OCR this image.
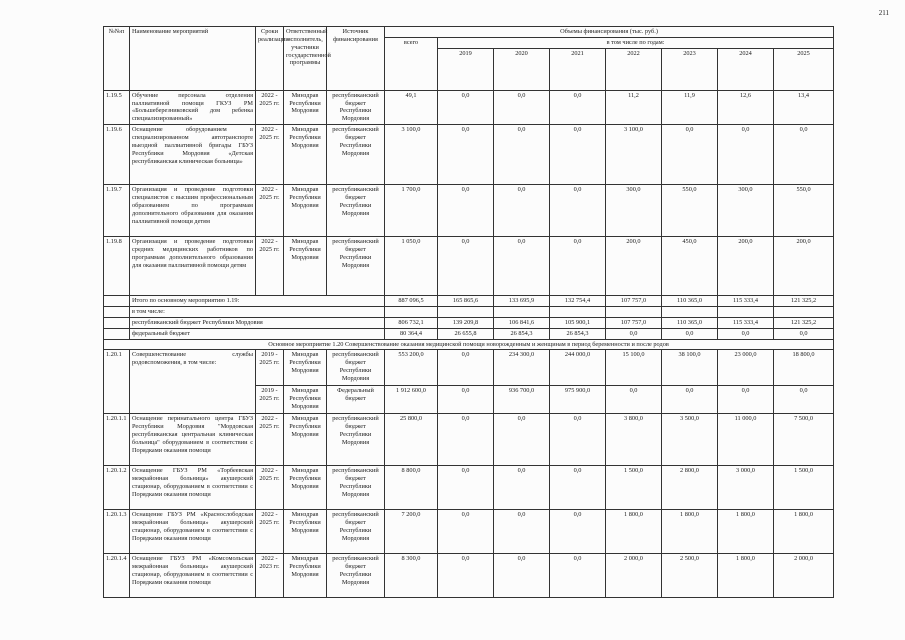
211
№№п	Наименование мероприятий	Сроки реализации	Ответственный исполнитель, участники государственной программы	Источник финансирования	Объемы финансирования (тыс. руб.)							
					всего	в том числе по годам:						
						2019	2020	2021	2022	2023	2024	2025
1.19.5	Обучение персонала отделения паллиативной помощи ГКУЗ РМ «Большеберезниковский дом ребенка специализированный»	2022 - 2025 гг.	Минздрав Республики Мордовия	республиканский бюджет Республики Мордовия	49,1	0,0	0,0	0,0	11,2	11,9	12,6	13,4
1.19.6	Оснащение оборудованием в специализированном автотранспорте выездной паллиативной бригады ГБУЗ Республики Мордовия «Детская республиканская клиническая больница»	2022 - 2025 гг.	Минздрав Республики Мордовия	республиканский бюджет Республики Мордовия	3 100,0	0,0	0,0	0,0	3 100,0	0,0	0,0	0,0
1.19.7	Организация и проведение подготовки специалистов с высшим профессиональным образованием по программам дополнительного образования для оказания паллиативной помощи детям	2022 - 2025 гг.	Минздрав Республики Мордовия	республиканский бюджет Республики Мордовия	1 700,0	0,0	0,0	0,0	300,0	550,0	300,0	550,0
1.19.8	Организация и проведение подготовки средних медицинских работников по программам дополнительного образования для оказания паллиативной помощи детям	2022 - 2025 гг.	Минздрав Республики Мордовия	республиканский бюджет Республики Мордовия	1 050,0	0,0	0,0	0,0	200,0	450,0	200,0	200,0
	Итого по основному мероприятию 1.19:				887 096,5	165 865,6	133 695,9	132 754,4	107 757,0	110 365,0	115 333,4	121 325,2
	в том числе:											
	республиканский бюджет Республики Мордовия				806 732,1	139 209,8	106 841,6	105 900,1	107 757,0	110 365,0	115 333,4	121 325,2
	федеральный бюджет				80 364,4	26 655,8	26 854,3	26 854,3	0,0	0,0	0,0	0,0
Основное мероприятие 1.20 Совершенствование оказания медицинской помощи новорожденным и женщинам в период беременности и после родов												
1.20.1	Совершенствование службы родовспоможения, в том числе:	2019 - 2025 гг.	Минздрав Республики Мордовия	республиканский бюджет Республики Мордовия	553 200,0	0,0	234 300,0	244 000,0	15 100,0	38 100,0	23 000,0	18 800,0
		2019 - 2025 гг.	Минздрав Республики Мордовия	Федеральный бюджет	1 912 600,0	0,0	936 700,0	975 900,0	0,0	0,0	0,0	0,0
1.20.1.1	Оснащение перинатального центра ГБУЗ Республики Мордовия "Мордовская республиканская центральная клиническая больница" оборудованием в соответствии с Порядками оказания помощи	2022 - 2025 гг.	Минздрав Республики Мордовия	республиканский бюджет Республики Мордовия	25 800,0	0,0	0,0	0,0	3 800,0	3 500,0	11 000,0	7 500,0
1.20.1.2	Оснащение ГБУЗ РМ «Торбеевская межрайонная больница» акушерский стационар, оборудованием в соответствии с Порядками оказания помощи	2022 - 2025 гг.	Минздрав Республики Мордовия	республиканский бюджет Республики Мордовия	8 800,0	0,0	0,0	0,0	1 500,0	2 800,0	3 000,0	1 500,0
1.20.1.3	Оснащение ГБУЗ РМ «Краснослободская межрайонная больница» акушерский стационар, оборудованием в соответствии с Порядками оказания помощи	2022 - 2025 гг.	Минздрав Республики Мордовия	республиканский бюджет Республики Мордовия	7 200,0	0,0	0,0	0,0	1 800,0	1 800,0	1 800,0	1 800,0
1.20.1.4	Оснащение ГБУЗ РМ «Комсомольская межрайонная больница» акушерский стационар, оборудованием в соответствии с Порядками оказания помощи	2022 - 2023 гг.	Минздрав Республики Мордовия	республиканский бюджет Республики Мордовия	8 300,0	0,0	0,0	0,0	2 000,0	2 500,0	1 800,0	2 000,0
